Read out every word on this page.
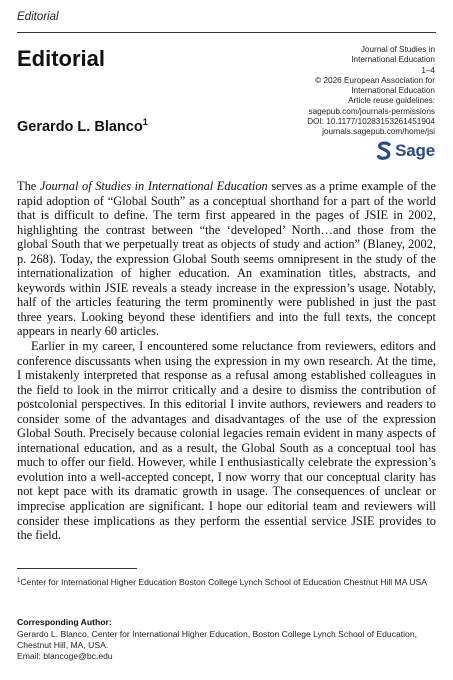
Editorial
Editorial
Gerardo L. Blanco$^1$
Journal of Studies in
International Education
1–4
© 2026 European Association for
International Education
Article reuse guidelines:
sagepub.com/journals-permissions
DOI: 10.1177/10283153261451904
journals.sagepub.com/home/jsi
Sage

The Journal of Studies in International Education serves as a prime example of the rapid adoption of “Global South” as a conceptual shorthand for a part of the world that is difficult to define. The term first appeared in the pages of JSIE in 2002, highlighting the contrast between “the ‘developed’ North…and those from the global South that we perpetually treat as objects of study and action” (Blaney, 2002, p. 268). Today, the expression Global South seems omnipresent in the study of the internationalization of higher education. An examination titles, abstracts, and keywords within JSIE reveals a steady increase in the expression’s usage. Notably, half of the articles featuring the term prominently were published in just the past three years. Looking beyond these identifiers and into the full texts, the concept appears in nearly 60 articles.

Earlier in my career, I encountered some reluctance from reviewers, editors and conference discussants when using the expression in my own research. At the time, I mistakenly interpreted that response as a refusal among established colleagues in the field to look in the mirror critically and a desire to dismiss the contribution of postcolonial perspectives. In this editorial I invite authors, reviewers and readers to consider some of the advantages and disadvantages of the use of the expression Global South. Precisely because colonial legacies remain evident in many aspects of international education, and as a result, the Global South as a conceptual tool has much to offer our field. However, while I enthusiastically celebrate the expression’s evolution into a well-accepted concept, I now worry that our conceptual clarity has not kept pace with its dramatic growth in usage. The consequences of unclear or imprecise application are significant. I hope our editorial team and reviewers will consider these implications as they perform the essential service JSIE provides to the field.

$^1$Center for International Higher Education Boston College Lynch School of Education Chestnut Hill MA USA
Corresponding Author:
Gerardo L. Blanco, Center for International Higher Education, Boston College Lynch School of Education,
Chestnut Hill, MA, USA.
Email: blancoge@bc.edu
